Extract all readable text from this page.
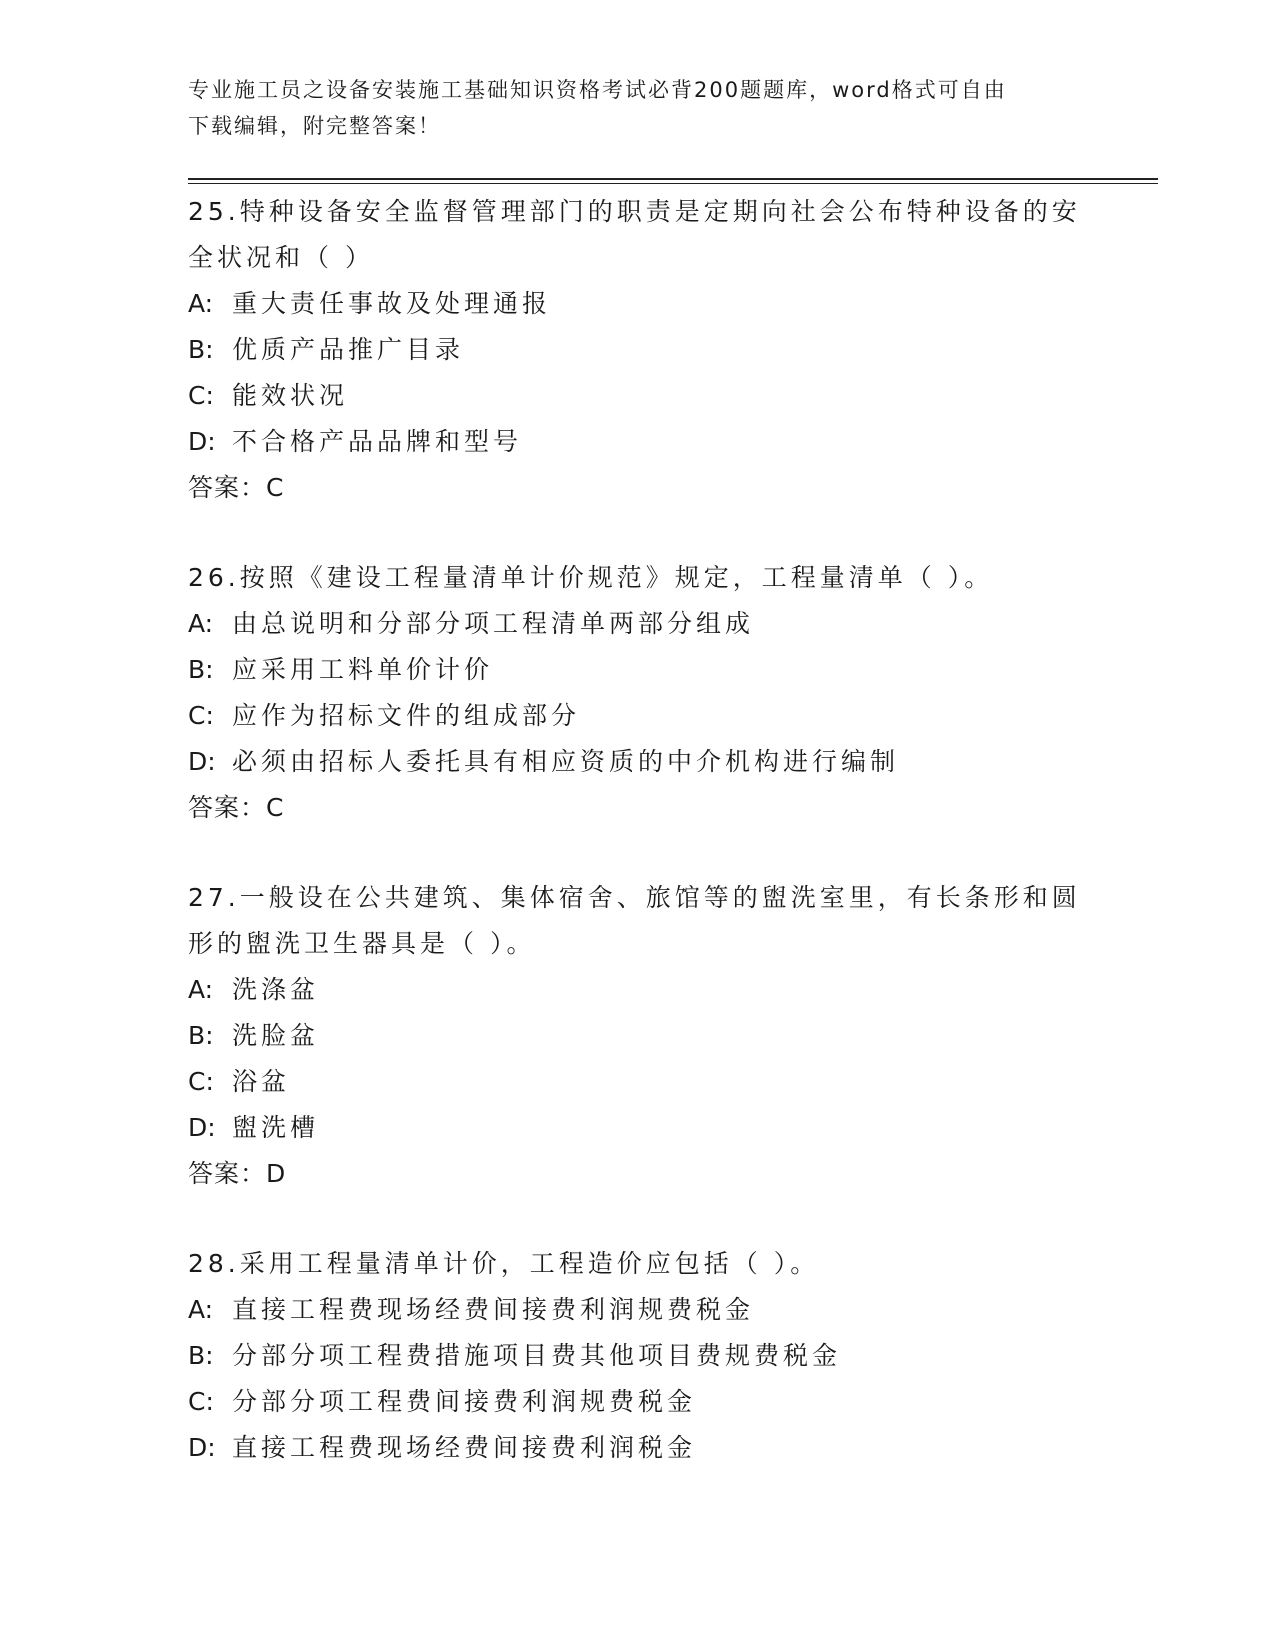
专业施工员之设备安装施工基础知识资格考试必背200题题库，word格式可自由
下载编辑，附完整答案！

25.特种设备安全监督管理部门的职责是定期向社会公布特种设备的安
全状况和（ ）

A: 重大责任事故及处理通报

B: 优质产品推广目录

C: 能效状况

D: 不合格产品品牌和型号

答案：C

26.按照《建设工程量清单计价规范》规定，工程量清单（ ）。

A: 由总说明和分部分项工程清单两部分组成

B: 应采用工料单价计价

C: 应作为招标文件的组成部分

D: 必须由招标人委托具有相应资质的中介机构进行编制

答案：C

27.一般设在公共建筑、集体宿舍、旅馆等的盥洗室里，有长条形和圆
形的盥洗卫生器具是（ ）。

A: 洗涤盆

B: 洗脸盆

C: 浴盆

D: 盥洗槽

答案：D

28.采用工程量清单计价，工程造价应包括（ ）。

A: 直接工程费现场经费间接费利润规费税金

B: 分部分项工程费措施项目费其他项目费规费税金

C: 分部分项工程费间接费利润规费税金

D: 直接工程费现场经费间接费利润税金
